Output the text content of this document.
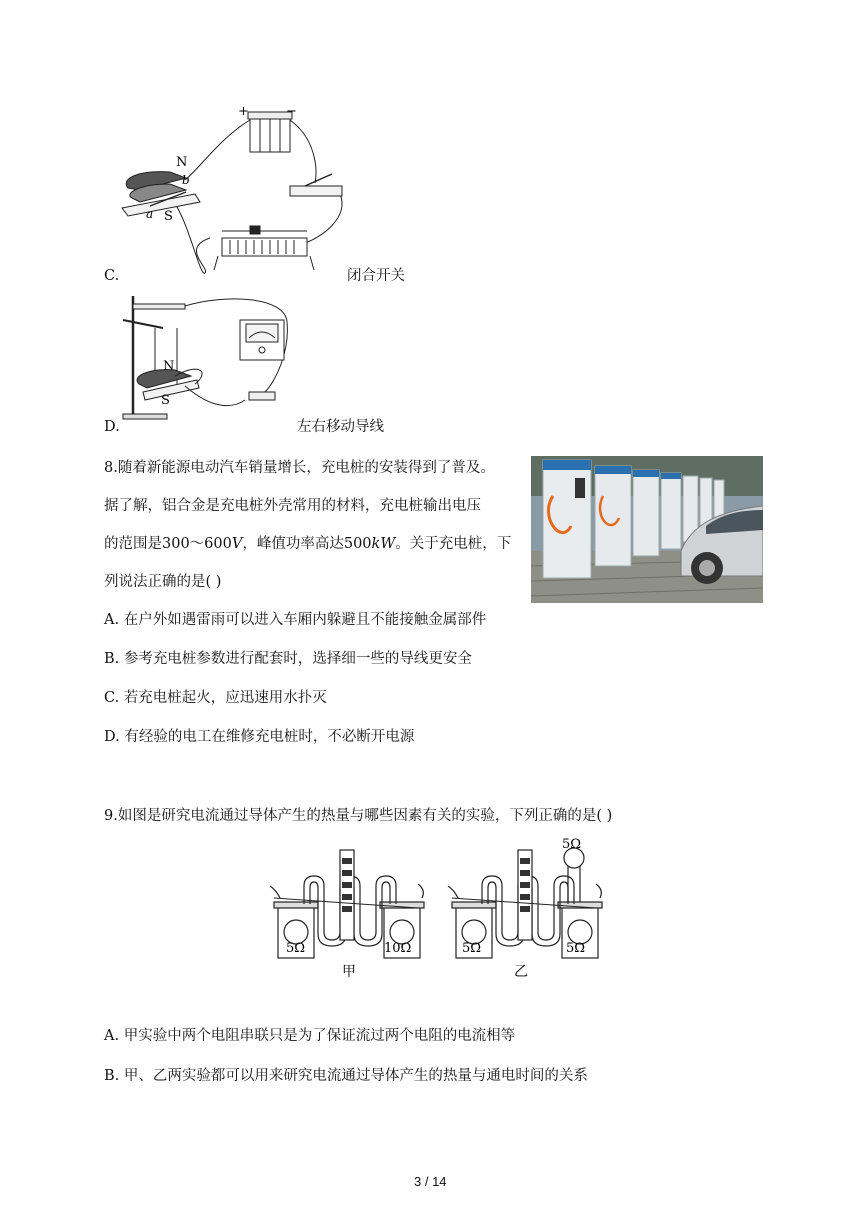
+	−
N
b
a S
C.	闭合开关
N
S
D.	左右移动导线
8.随着新能源电动汽车销量增长，充电桩的安装得到了普及。
据了解，铝合金是充电桩外壳常用的材料，充电桩输出电压
的范围是300～600V，峰值功率高达500kW。关于充电桩，下
列说法正确的是( )
A. 在户外如遇雷雨可以进入车厢内躲避且不能接触金属部件
B. 参考充电桩参数进行配套时，选择细一些的导线更安全
C. 若充电桩起火，应迅速用水扑灭
D. 有经验的电工在维修充电桩时，不必断开电源
9.如图是研究电流通过导体产生的热量与哪些因素有关的实验，下列正确的是( )
5Ω	10Ω
甲
5Ω
5Ω	5Ω
乙
A. 甲实验中两个电阻串联只是为了保证流过两个电阻的电流相等
B. 甲、乙两实验都可以用来研究电流通过导体产生的热量与通电时间的关系
3 / 14
